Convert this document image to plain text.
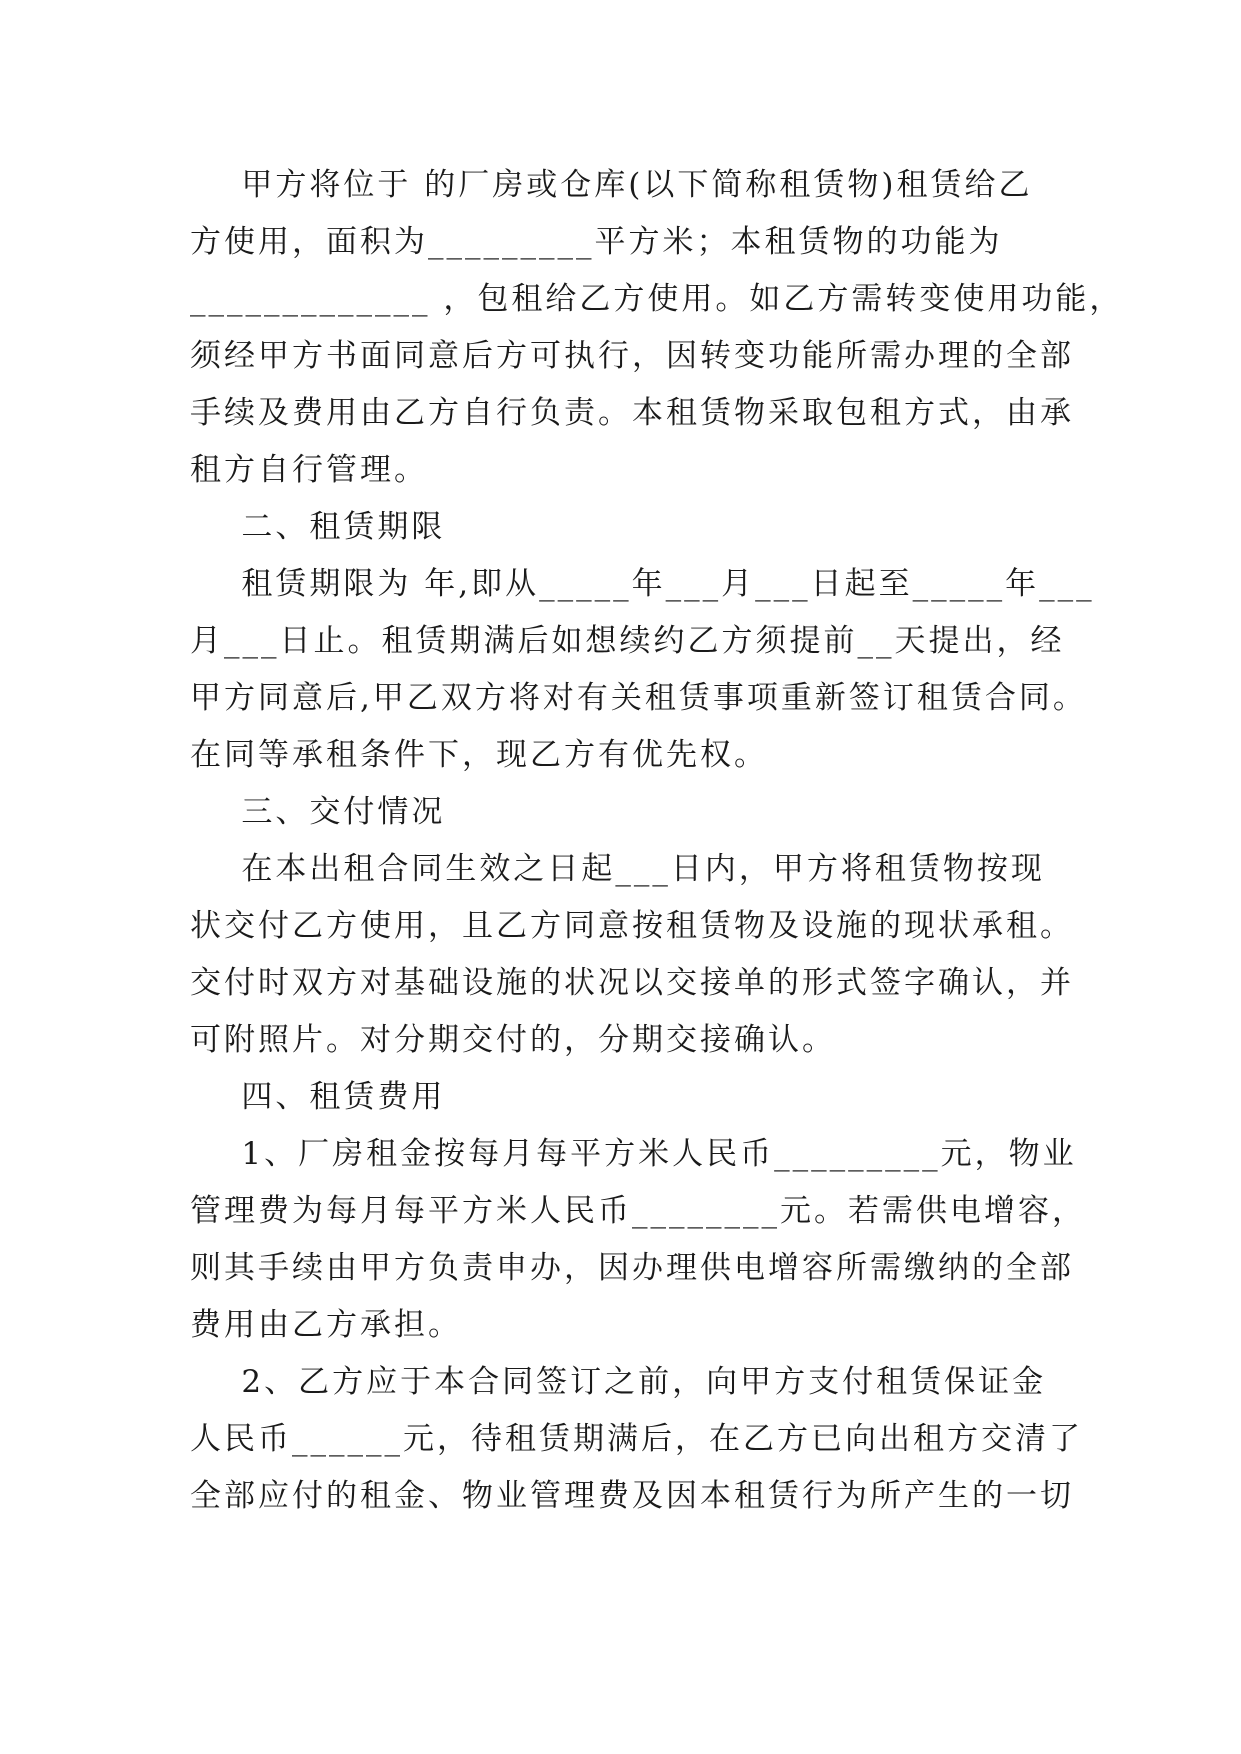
甲方将位于 的厂房或仓库(以下简称租赁物)租赁给乙
方使用，面积为_________平方米；本租赁物的功能为
_____________ ，包租给乙方使用。如乙方需转变使用功能，
须经甲方书面同意后方可执行，因转变功能所需办理的全部
手续及费用由乙方自行负责。本租赁物采取包租方式，由承
租方自行管理。
二、租赁期限
租赁期限为 年,即从_____年___月___日起至_____年___
月___日止。租赁期满后如想续约乙方须提前__天提出，经
甲方同意后,甲乙双方将对有关租赁事项重新签订租赁合同。
在同等承租条件下，现乙方有优先权。
三、交付情况
在本出租合同生效之日起___日内，甲方将租赁物按现
状交付乙方使用，且乙方同意按租赁物及设施的现状承租。
交付时双方对基础设施的状况以交接单的形式签字确认，并
可附照片。对分期交付的，分期交接确认。
四、租赁费用
1、厂房租金按每月每平方米人民币_________元，物业
管理费为每月每平方米人民币________元。若需供电增容，
则其手续由甲方负责申办，因办理供电增容所需缴纳的全部
费用由乙方承担。
2、乙方应于本合同签订之前，向甲方支付租赁保证金
人民币______元，待租赁期满后，在乙方已向出租方交清了
全部应付的租金、物业管理费及因本租赁行为所产生的一切
